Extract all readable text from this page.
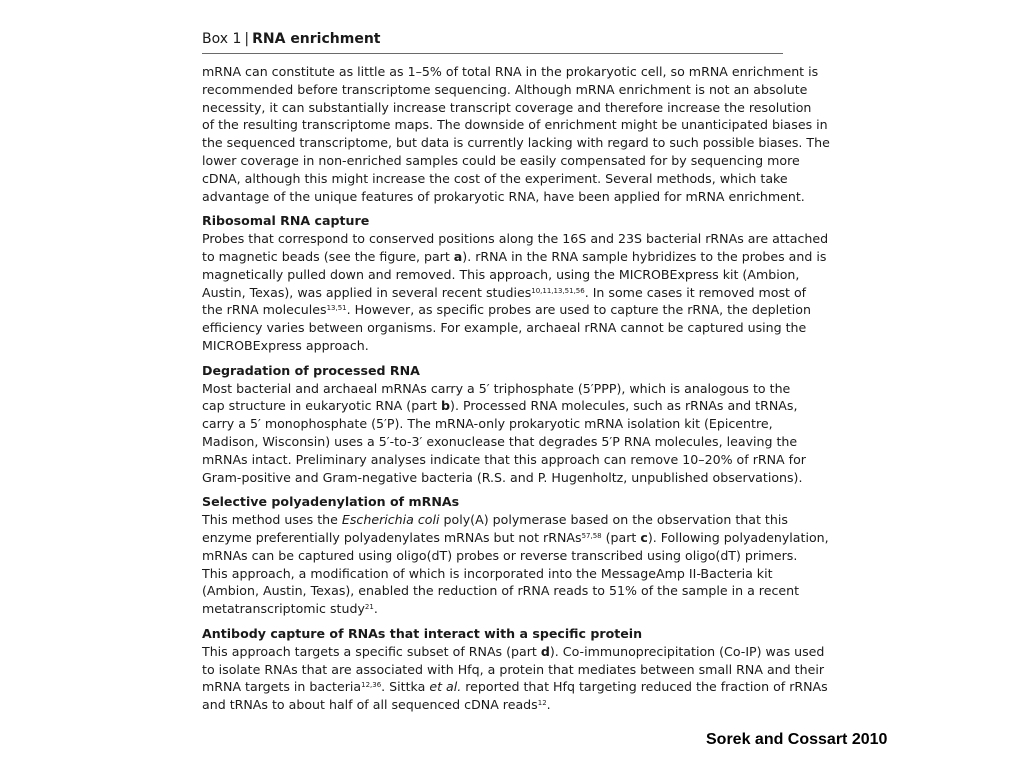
Box 1 | RNA enrichment

mRNA can constitute as little as 1–5% of total RNA in the prokaryotic cell, so mRNA enrichment is
recommended before transcriptome sequencing. Although mRNA enrichment is not an absolute
necessity, it can substantially increase transcript coverage and therefore increase the resolution
of the resulting transcriptome maps. The downside of enrichment might be unanticipated biases in
the sequenced transcriptome, but data is currently lacking with regard to such possible biases. The
lower coverage in non-enriched samples could be easily compensated for by sequencing more
cDNA, although this might increase the cost of the experiment. Several methods, which take
advantage of the unique features of prokaryotic RNA, have been applied for mRNA enrichment.

Ribosomal RNA capture

Probes that correspond to conserved positions along the 16S and 23S bacterial rRNAs are attached
to magnetic beads (see the figure, part a). rRNA in the RNA sample hybridizes to the probes and is
magnetically pulled down and removed. This approach, using the MICROBExpress kit (Ambion,
Austin, Texas), was applied in several recent studies$^{10,11,13,51,56}$. In some cases it removed most of
the rRNA molecules$^{13,51}$. However, as specific probes are used to capture the rRNA, the depletion
efficiency varies between organisms. For example, archaeal rRNA cannot be captured using the
MICROBExpress approach.

Degradation of processed RNA

Most bacterial and archaeal mRNAs carry a 5′ triphosphate (5′PPP), which is analogous to the
cap structure in eukaryotic RNA (part b). Processed RNA molecules, such as rRNAs and tRNAs,
carry a 5′ monophosphate (5′P). The mRNA-only prokaryotic mRNA isolation kit (Epicentre,
Madison, Wisconsin) uses a 5′-to-3′ exonuclease that degrades 5′P RNA molecules, leaving the
mRNAs intact. Preliminary analyses indicate that this approach can remove 10–20% of rRNA for
Gram-positive and Gram-negative bacteria (R.S. and P. Hugenholtz, unpublished observations).

Selective polyadenylation of mRNAs

This method uses the Escherichia coli poly(A) polymerase based on the observation that this
enzyme preferentially polyadenylates mRNAs but not rRNAs$^{57,58}$ (part c). Following polyadenylation,
mRNAs can be captured using oligo(dT) probes or reverse transcribed using oligo(dT) primers.
This approach, a modification of which is incorporated into the MessageAmp II-Bacteria kit
(Ambion, Austin, Texas), enabled the reduction of rRNA reads to 51% of the sample in a recent
metatranscriptomic study$^{21}$.

Antibody capture of RNAs that interact with a specific protein

This approach targets a specific subset of RNAs (part d). Co-immunoprecipitation (Co-IP) was used
to isolate RNAs that are associated with Hfq, a protein that mediates between small RNA and their
mRNA targets in bacteria$^{12,36}$. Sittka et al. reported that Hfq targeting reduced the fraction of rRNAs
and tRNAs to about half of all sequenced cDNA reads$^{12}$.

Sorek and Cossart 2010
